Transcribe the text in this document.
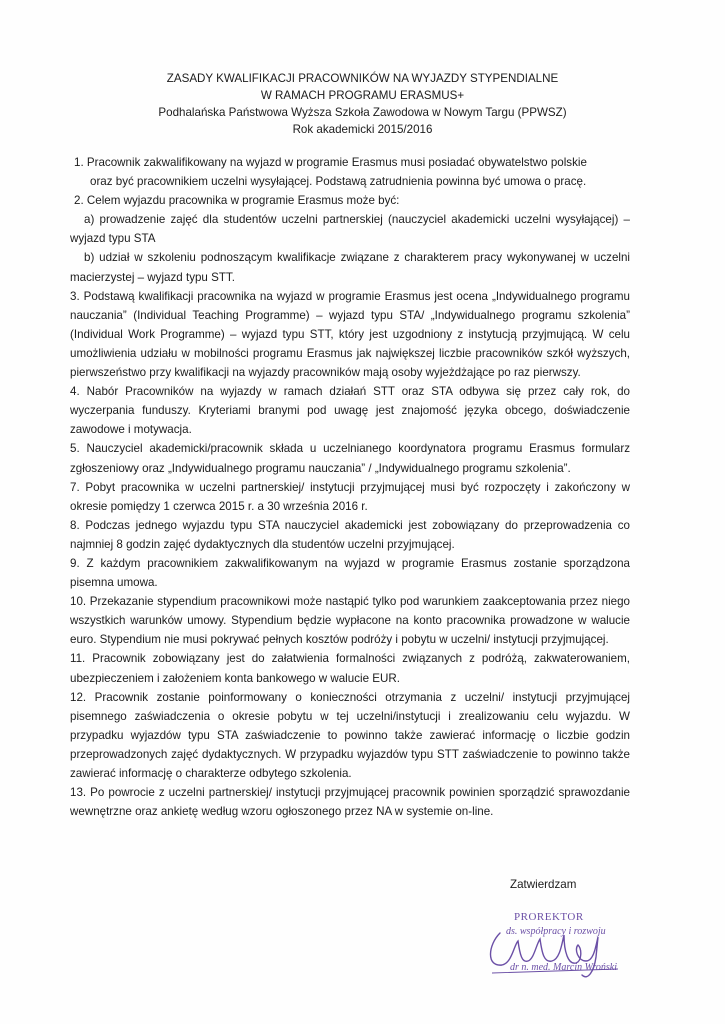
ZASADY KWALIFIKACJI PRACOWNIKÓW NA WYJAZDY STYPENDIALNE
W RAMACH PROGRAMU ERASMUS+
Podhalańska Państwowa Wyższa Szkoła Zawodowa w Nowym Targu (PPWSZ)
Rok akademicki 2015/2016

1. Pracownik zakwalifikowany na wyjazd w programie Erasmus musi posiadać obywatelstwo polskie

oraz być pracownikiem uczelni wysyłającej. Podstawą zatrudnienia powinna być umowa o pracę.

2. Celem wyjazdu pracownika w programie Erasmus może być:

a) prowadzenie zajęć dla studentów uczelni partnerskiej (nauczyciel akademicki uczelni wysyłającej) – wyjazd typu STA

b) udział w szkoleniu podnoszącym kwalifikacje związane z charakterem pracy wykonywanej w uczelni macierzystej – wyjazd typu STT.

3. Podstawą kwalifikacji pracownika na wyjazd w programie Erasmus jest ocena „Indywidualnego programu nauczania” (Individual Teaching Programme) – wyjazd typu STA/ „Indywidualnego programu szkolenia” (Individual Work Programme) – wyjazd typu STT, który jest uzgodniony z instytucją przyjmującą. W celu umożliwienia udziału w mobilności programu Erasmus jak największej liczbie pracowników szkół wyższych, pierwszeństwo przy kwalifikacji na wyjazdy pracowników mają osoby wyjeżdżające po raz pierwszy.

4. Nabór Pracowników na wyjazdy w ramach działań STT oraz STA odbywa się przez cały rok, do wyczerpania funduszy. Kryteriami branymi pod uwagę jest znajomość języka obcego, doświadczenie zawodowe i motywacja.

5. Nauczyciel akademicki/pracownik składa u uczelnianego koordynatora programu Erasmus formularz zgłoszeniowy oraz „Indywidualnego programu nauczania” / „Indywidualnego programu szkolenia”.

7. Pobyt pracownika w uczelni partnerskiej/ instytucji przyjmującej musi być rozpoczęty i zakończony w okresie pomiędzy 1 czerwca 2015 r. a 30 września 2016 r.

8. Podczas jednego wyjazdu typu STA nauczyciel akademicki jest zobowiązany do przeprowadzenia co najmniej 8 godzin zajęć dydaktycznych dla studentów uczelni przyjmującej.

9. Z każdym pracownikiem zakwalifikowanym na wyjazd w programie Erasmus zostanie sporządzona pisemna umowa.

10. Przekazanie stypendium pracownikowi może nastąpić tylko pod warunkiem zaakceptowania przez niego wszystkich warunków umowy. Stypendium będzie wypłacone na konto pracownika prowadzone w walucie euro. Stypendium nie musi pokrywać pełnych kosztów podróży i pobytu w uczelni/ instytucji przyjmującej.

11. Pracownik zobowiązany jest do załatwienia formalności związanych z podróżą, zakwaterowaniem, ubezpieczeniem i założeniem konta bankowego w walucie EUR.

12. Pracownik zostanie poinformowany o konieczności otrzymania z uczelni/ instytucji przyjmującej pisemnego zaświadczenia o okresie pobytu w tej uczelni/instytucji i zrealizowaniu celu wyjazdu. W przypadku wyjazdów typu STA zaświadczenie to powinno także zawierać informację o liczbie godzin przeprowadzonych zajęć dydaktycznych. W przypadku wyjazdów typu STT zaświadczenie to powinno także zawierać informację o charakterze odbytego szkolenia.

13. Po powrocie z uczelni partnerskiej/ instytucji przyjmującej pracownik powinien sporządzić sprawozdanie wewnętrzne oraz ankietę według wzoru ogłoszonego przez NA w systemie on-line.

Zatwierdzam
PROREKTOR
ds. współpracy i rozwoju
dr n. med. Marcin Wroński
